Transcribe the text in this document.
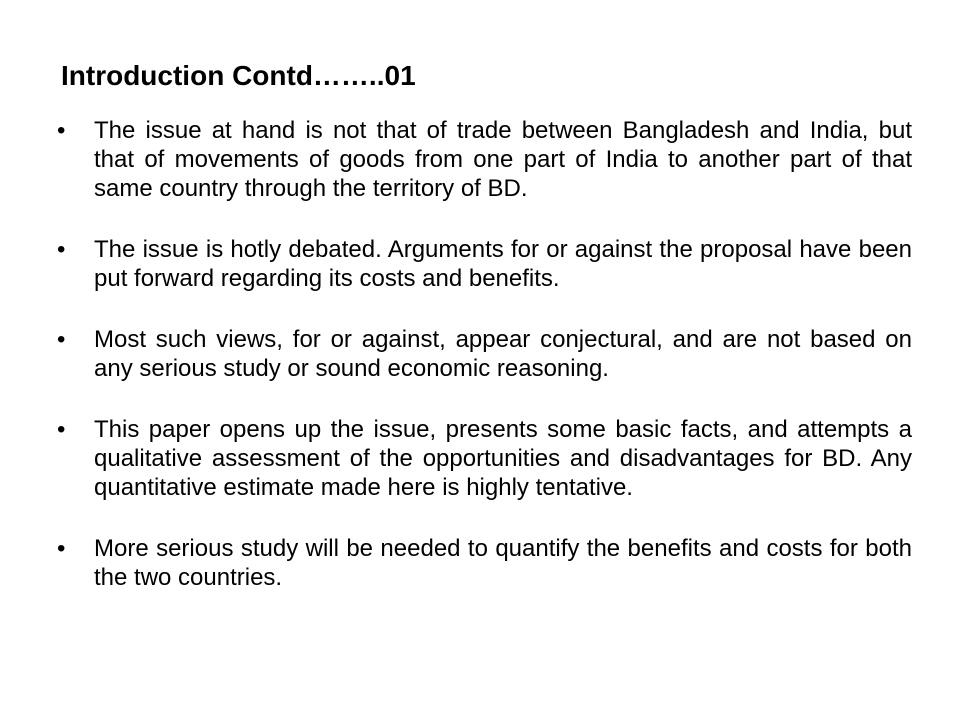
Introduction Contd……..01
•	The issue at hand is not that of trade between Bangladesh and India, but that of movements of goods from one part of India to another part of that same country through the territory of BD.
•	The issue is hotly debated. Arguments for or against the proposal have been put forward regarding its costs and benefits.
•	Most such views, for or against, appear conjectural, and are not based on any serious study or sound economic reasoning.
•	This paper opens up the issue, presents some basic facts, and attempts a qualitative assessment of the opportunities and disadvantages for BD. Any quantitative estimate made here is highly tentative.
•	More serious study will be needed to quantify the benefits and costs for both the two countries.
